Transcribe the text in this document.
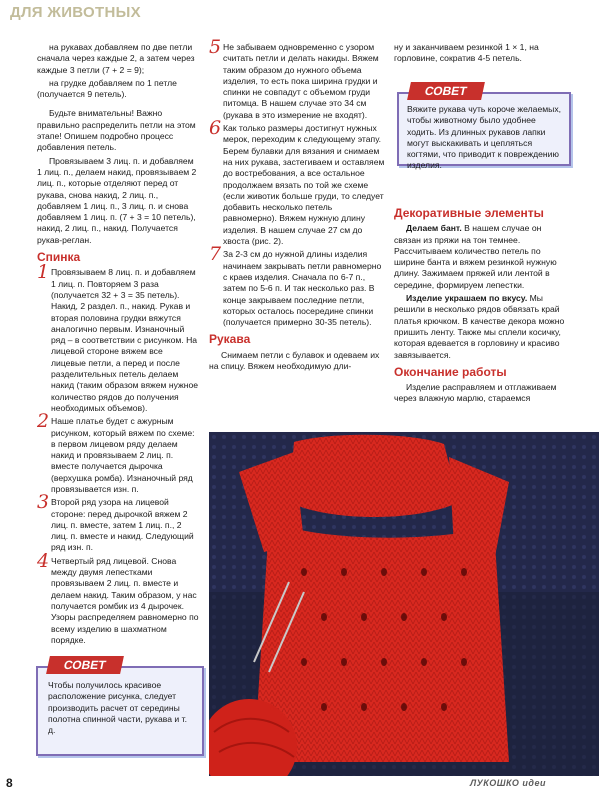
ДЛЯ ЖИВОТНЫХ

на рукавах добавляем по две петли сначала через каждые 2, а затем через каждые 3 петли (7 + 2 = 9);

на грудке добавляем по 1 петле (получается 9 петель).

Будьте внимательны! Важно правильно распределить петли на этом этапе! Опишем подробно процесс добавления петель.

Провязываем 3 лиц. п. и добавляем 1 лиц. п., делаем накид, провязываем 2 лиц. п., которые отделяют перед от рукава, снова накид, 2 лиц. п., добавляем 1 лиц. п., 3 лиц. п. и снова добавляем 1 лиц. п. (7 + 3 = 10 петель), накид, 2 лиц. п., накид. Получается рукав-реглан.

Спинка
1 Провязываем 8 лиц. п. и добавляем 1 лиц. п. Повторяем 3 раза (получается 32 + 3 = 35 петель). Накид, 2 раздел. п., накид. Рукав и вторая половина грудки вяжутся аналогично первым. Изнаночный ряд – в соответствии с рисунком. На лицевой стороне вяжем все лицевые петли, а перед и после разделительных петель делаем накид (таким образом вяжем нужное количество рядов до получения необходимых объемов).

2 Наше платье будет с ажурным рисунком, который вяжем по схеме: в первом лицевом ряду делаем накид и провязываем 2 лиц. п. вместе получается дырочка (верхушка ромба). Изнаночный ряд провязывается изн. п.

3 Второй ряд узора на лицевой стороне: перед дырочкой вяжем 2 лиц. п. вместе, затем 1 лиц. п., 2 лиц. п. вместе и накид. Следующий ряд изн. п.

4 Четвертый ряд лицевой. Снова между двумя лепестками провязываем 2 лиц. п. вместе и делаем накид. Таким образом, у нас получается ромбик из 4 дырочек. Узоры распределяем равномерно по всему изделию в шахматном порядке.

5 Не забываем одновременно с узором считать петли и делать накиды. Вяжем таким образом до нужного объема изделия, то есть пока ширина грудки и спинки не совпадут с объемом груди питомца. В нашем случае это 34 см (рукава в это измерение не входят).

6 Как только размеры достигнут нужных мерок, переходим к следующему этапу. Берем булавки для вязания и снимаем на них рукава, застегиваем и оставляем до востребования, а все остальное продолжаем вязать по той же схеме (если животик больше груди, то следует добавить несколько петель равномерно). Вяжем нужную длину изделия. В нашем случае 27 см до хвоста (рис. 2).

7 За 2-3 см до нужной длины изделия начинаем закрывать петли равномерно с краев изделия. Сначала по 6-7 п., затем по 5-6 п. И так несколько раз. В конце закрываем последние петли, которых осталось посередине спинки (получается примерно 30-35 петель).

Рукава

Снимаем петли с булавок и одеваем их на спицу. Вяжем необходимую дли-

ну и заканчиваем резинкой 1 × 1, на горловине, сократив 4-5 петель.

СОВЕТ
Вяжите рукава чуть короче желаемых, чтобы животному было удобнее ходить. Из длинных рукавов лапки могут выскакивать и цепляться когтями, что приводит к повреждению изделия.
Декоративные элементы

Делаем бант. В нашем случае он связан из пряжи на тон темнее. Рассчитываем количество петель по ширине банта и вяжем резинкой нужную длину. Зажимаем пряжей или лентой в середине, формируем лепестки.

Изделие украшаем по вкусу. Мы решили в несколько рядов обвязать край платья крючком. В качестве декора можно пришить ленту. Также мы сплели косичку, которая вдевается в горловину и красиво завязывается.

Окончание работы

Изделие расправляем и отглаживаем через влажную марлю, стараемся

СОВЕТ
Чтобы получилось красивое расположение рисунка, следует производить расчет от середины полотна спинной части, рукава и т. д.
8	ЛУКОШКО идеи
